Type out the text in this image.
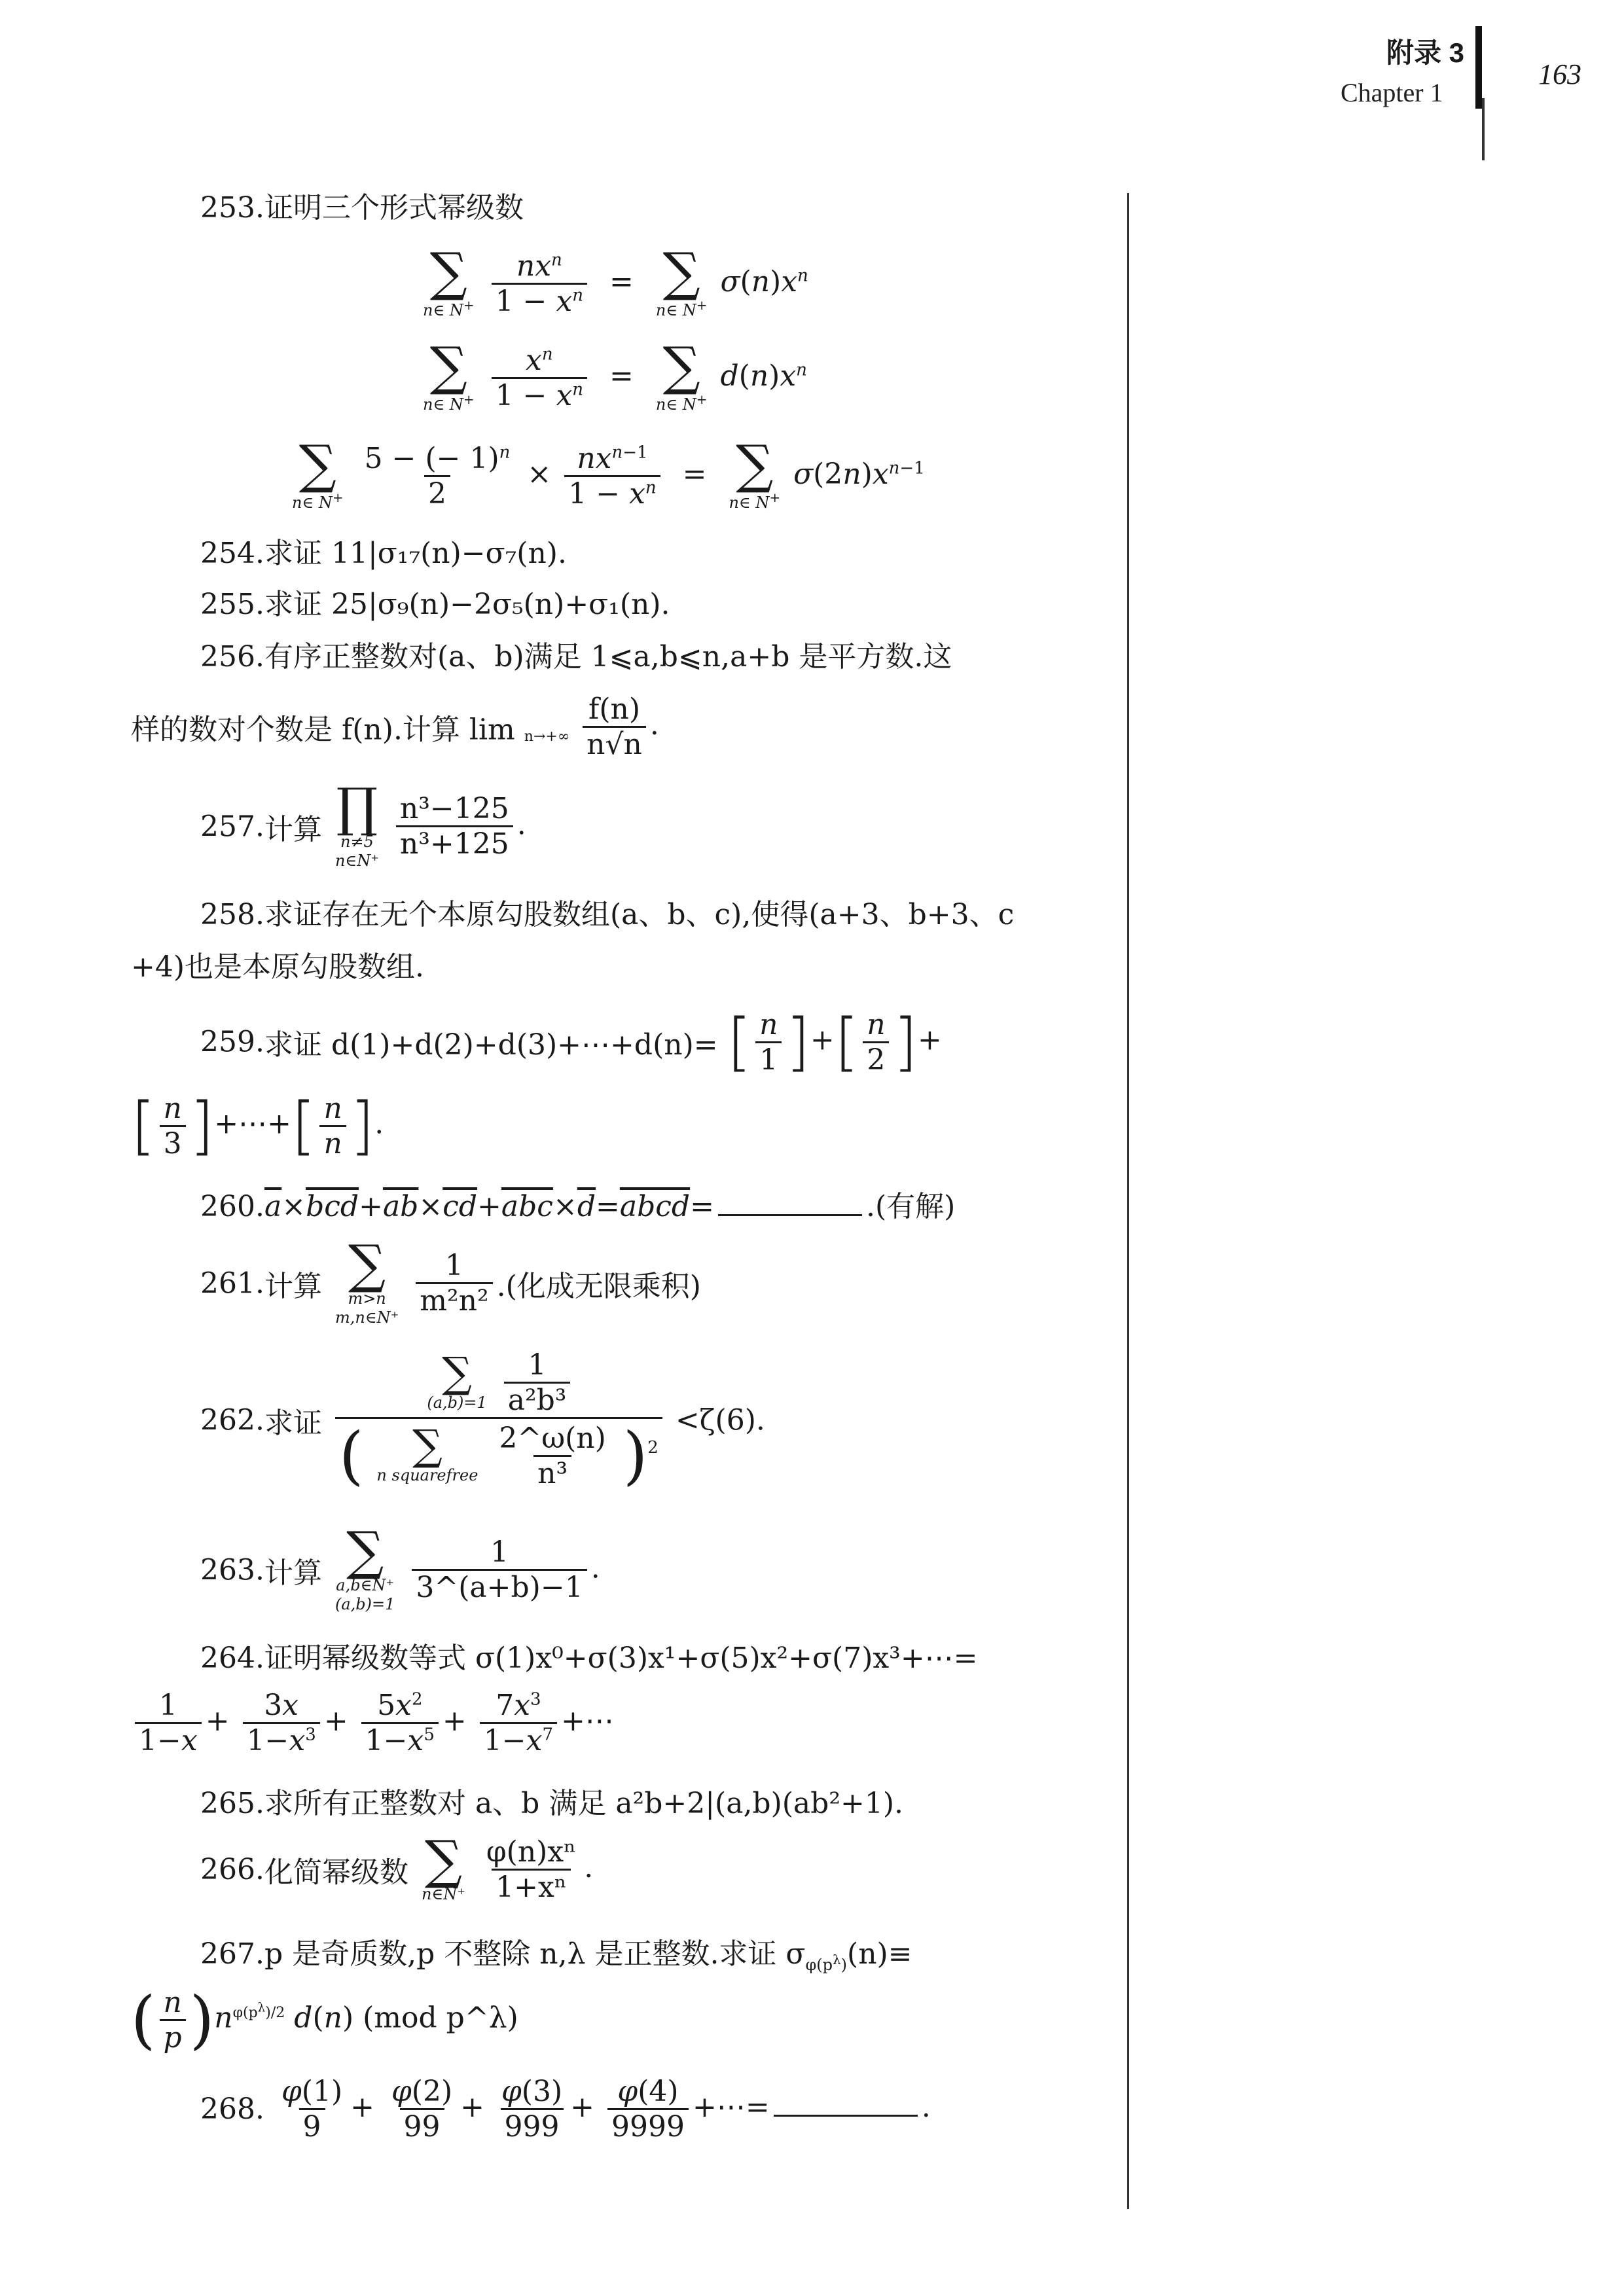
附录 3
Chapter 1
163
253.证明三个形式幂级数
∑
n∈ N+
$\frac{nx^n}{1 - x^n}$ = ∑
n∈ N+
$\sigma(n)x^n$
∑
n∈ N+
$\frac{x^n}{1 - x^n}$ = ∑
n∈ N+
$d(n)x^n$
∑
n∈ N+
$\frac{5 - (- 1)^n}{2} \times \frac{nx^{n-1}}{1 - x^n}$ = ∑
n∈ N+
$\sigma(2n)x^{n-1}$
254.求证 11|σ₁₇(n)−σ₇(n).
255.求证 25|σ₉(n)−2σ₅(n)+σ₁(n).
256.有序正整数对(a、b)满足 1⩽a,b⩽n,a+b 是平方数.这
样的数对个数是 f(n).计算 lim n→+∞
$\frac{f(n)}{n√n}$ .
257.计算 ∏
n≠5
n∈N⁺
$\frac{\text{n³−125}}{\text{n³+125}}$ .
258.求证存在无个本原勾股数组(a、b、c),使得(a+3、b+3、c
+4)也是本原勾股数组.
259.求证 d(1)+d(2)+d(3)+⋯+d(n)= [ $\frac{n}{1}$ ]+[ $\frac{n}{2}$ ]+
[ $\frac{n}{3}$ ]+⋯+[ $\frac{n}{n}$ ].
$260.\overline{a}\times\overline{bcd}+\overline{ab}\times\overline{cd}+\overline{abc}\times\overline{d}=abcd=$	.(有解)
261.计算 ∑
m>n
m,n∈N⁺
$\frac{1}{\text{m²n²}}$ .(化成无限乘积)
262.求证 ∑
(a,b)=1
$\frac{1}{\text{a²b³}}$
( ∑
n squarefree
$\frac{2\^{}\omega(n)}{\text{n³}} )^2 <\zeta(6)$.
263.计算 ∑
a,b∈N⁺
(a,b)=1
$\frac{1}{3\^{}(a+b)-1}$ .
264.证明幂级数等式 σ(1)x⁰+σ(3)x¹+σ(5)x²+σ(7)x³+⋯=
$\frac{1}{1-x} + \frac{3x}{1-x^3} + \frac{5x^2}{1-x^5} + \frac{7x^3}{1-x^7}$ +⋯
265.求所有正整数对 a、b 满足 a²b+2|(a,b)(ab²+1).
266.化简幂级数 ∑
n∈N⁺
$\frac{\text{φ(n)xⁿ}}{\text{1+xⁿ}}$ .
267.p 是奇质数,p 不整除 n,λ 是正整数.求证 $\sigma_{\varphi(p^\lambda)}(n)\equiv$
( $\frac{n}{p} )n^{\varphi(p^\lambda)/2}$ d(n) (mod p^λ)
268. $\frac{\varphi(1)}{9} + \frac{\varphi(2)}{99} + \frac{\varphi(3)}{999} + \frac{\varphi(4)}{9999}$ +⋯=	.
